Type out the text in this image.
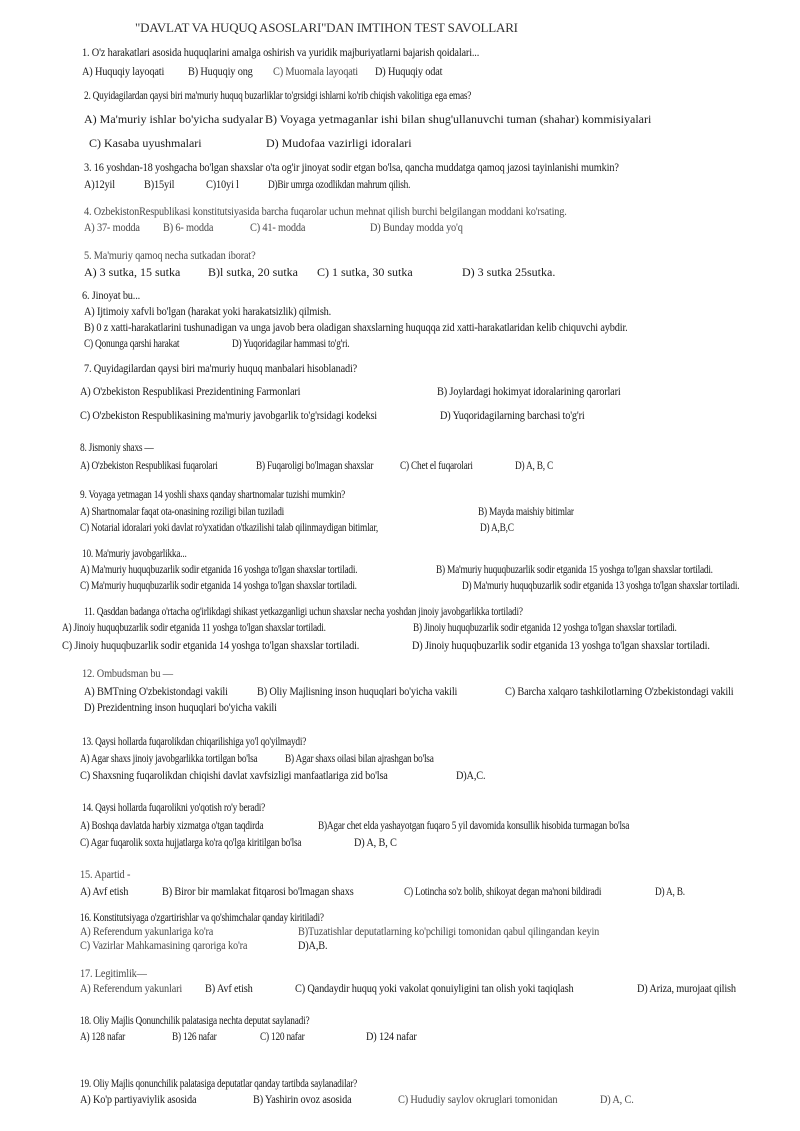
"DAVLAT VA HUQUQ ASOSLARI"DAN IMTIHON TEST SAVOLLARI
1. O'z harakatlari asosida huquqlarini amalga oshirish va yuridik majburiyatlarni bajarish qoidalari...
A) Huquqiy layoqati B) Huquqiy ong C) Muomala layoqati D) Huquqiy odat
2. Quyidagilardan qaysi biri ma'muriy huquq buzarliklar to'grsidgi ishlarni ko'rib chiqish vakolitiga ega emas?
A) Ma'muriy ishlar bo'yicha sudyalar B) Voyaga yetmaganlar ishi bilan shug'ullanuvchi tuman (shahar) kommisiyalari
C) Kasaba uyushmalari	D) Mudofaa vazirligi idoralari
3. 16 yoshdan-18 yoshgacha bo'lgan shaxslar o'ta og'ir jinoyat sodir etgan bo'lsa, qancha muddatga qamoq jazosi tayinlanishi mumkin?
A)12yil B)15yil	C)10yi l D)Bir umrga ozodlikdan mahrum qilish.
4. OzbekistonRespublikasi konstitutsiyasida barcha fuqarolar uchun mehnat qilish burchi belgilangan moddani ko'rsating.
A) 37- modda B) 6- modda	C) 41- modda	D) Bunday modda yo'q
5. Ma'muriy qamoq necha sutkadan iborat?
A) 3 sutka, 15 sutka B)l sutka, 20 sutka C) 1 sutka, 30 sutka	D) 3 sutka 25sutka.
6. Jinoyat bu...
A) Ijtimoiy xafvli bo'lgan (harakat yoki harakatsizlik) qilmish.
B) 0 z xatti-harakatlarini tushunadigan va unga javob bera oladigan shaxslarning huquqqa zid xatti-harakatlaridan kelib chiquvchi aybdir.
C) Qonunga qarshi harakat	D) Yuqoridagilar hammasi to'g'ri.
7. Quyidagilardan qaysi biri ma'muriy huquq manbalari hisoblanadi?
A) O'zbekiston Respublikasi Prezidentining Farmonlari	B) Joylardagi hokimyat idoralarining qarorlari
C) O'zbekiston Respublikasining ma'muriy javobgarlik to'g'rsidagi kodeksi	D) Yuqoridagilarning barchasi to'g'ri
8. Jismoniy shaxs —
A) O'zbekiston Respublikasi fuqarolari	B) Fuqaroligi bo'lmagan shaxslar C) Chet el fuqarolari	D) A, B, C
9. Voyaga yetmagan 14 yoshli shaxs qanday shartnomalar tuzishi mumkin?
A) Shartnomalar faqat ota-onasining roziligi bilan tuziladi	B) Mayda maishiy bitimlar
C) Notarial idoralari yoki davlat ro'yxatidan o'tkazilishi talab qilinmaydigan bitimlar,	D) A,B,C
10. Ma'muriy javobgarlikka...
A) Ma'muriy huquqbuzarlik sodir etganida 16 yoshga to'lgan shaxslar tortiladi.	B) Ma'muriy huquqbuzarlik sodir etganida 15 yoshga to'lgan shaxslar tortiladi.
C) Ma'muriy huquqbuzarlik sodir etganida 14 yoshga to'lgan shaxslar tortiladi.	D) Ma'muriy huquqbuzarlik sodir etganida 13 yoshga to'lgan shaxslar tortiladi.
11. Qasddan badanga o'rtacha og'irlikdagi shikast yetkazganligi uchun shaxslar necha yoshdan jinoiy javobgarlikka tortiladi?
A) Jinoiy huquqbuzarlik sodir etganida 11 yoshga to'lgan shaxslar tortiladi.	B) Jinoiy huquqbuzarlik sodir etganida 12 yoshga to'lgan shaxslar tortiladi.
C) Jinoiy huquqbuzarlik sodir etganida 14 yoshga to'lgan shaxslar tortiladi.	D) Jinoiy huquqbuzarlik sodir etganida 13 yoshga to'lgan shaxslar tortiladi.
12. Ombudsman bu —
A) BMTning O'zbekistondagi vakili B) Oliy Majlisning inson huquqlari bo'yicha vakili	C) Barcha xalqaro tashkilotlarning O'zbekistondagi vakili
D) Prezidentning inson huquqlari bo'yicha vakili
13. Qaysi hollarda fuqarolikdan chiqarilishiga yo'l qo'yilmaydi?
A) Agar shaxs jinoiy javobgarlikka tortilgan bo'lsa B) Agar shaxs oilasi bilan ajrashgan bo'lsa
C) Shaxsning fuqarolikdan chiqishi davlat xavfsizligi manfaatlariga zid bo'lsa	D)A,C.
14. Qaysi hollarda fuqarolikni yo'qotish ro'y beradi?
A) Boshqa davlatda harbiy xizmatga o'tgan taqdirda	B)Agar chet elda yashayotgan fuqaro 5 yil davomida konsullik hisobida turmagan bo'lsa
C) Agar fuqarolik soxta hujjatlarga ko'ra qo'lga kiritilgan bo'lsa	D) A, B, C
15. Apartid -
A) Avf etish	B) Biror bir mamlakat fitqarosi bo'lmagan shaxs	C) Lotincha so'z bolib, shikoyat degan ma'noni bildiradi	D) A, B.
16. Konstitutsiyaga o'zgartirishlar va qo'shimchalar qanday kiritiladi?
A) Referendum yakunlariga ko'ra	B)Tuzatishlar deputatlarning ko'pchiligi tomonidan qabul qilingandan keyin
C) Vazirlar Mahkamasining qaroriga ko'ra	D)A,B.
17. Legitimlik—
A) Referendum yakunlari B) Avf etish	C) Qandaydir huquq yoki vakolat qonuiyligini tan olish yoki taqiqlash	D) Ariza, murojaat qilish
18. Oliy Majlis Qonunchilik palatasiga nechta deputat saylanadi?
A) 128 nafar	B) 126 nafar	C) 120 nafar	D) 124 nafar
19. Oliy Majlis qonunchilik palatasiga deputatlar qanday tartibda saylanadilar?
A) Ko'p partiyaviylik asosida	B) Yashirin ovoz asosida	C) Hududiy saylov okruglari tomonidan	D) A, C.
